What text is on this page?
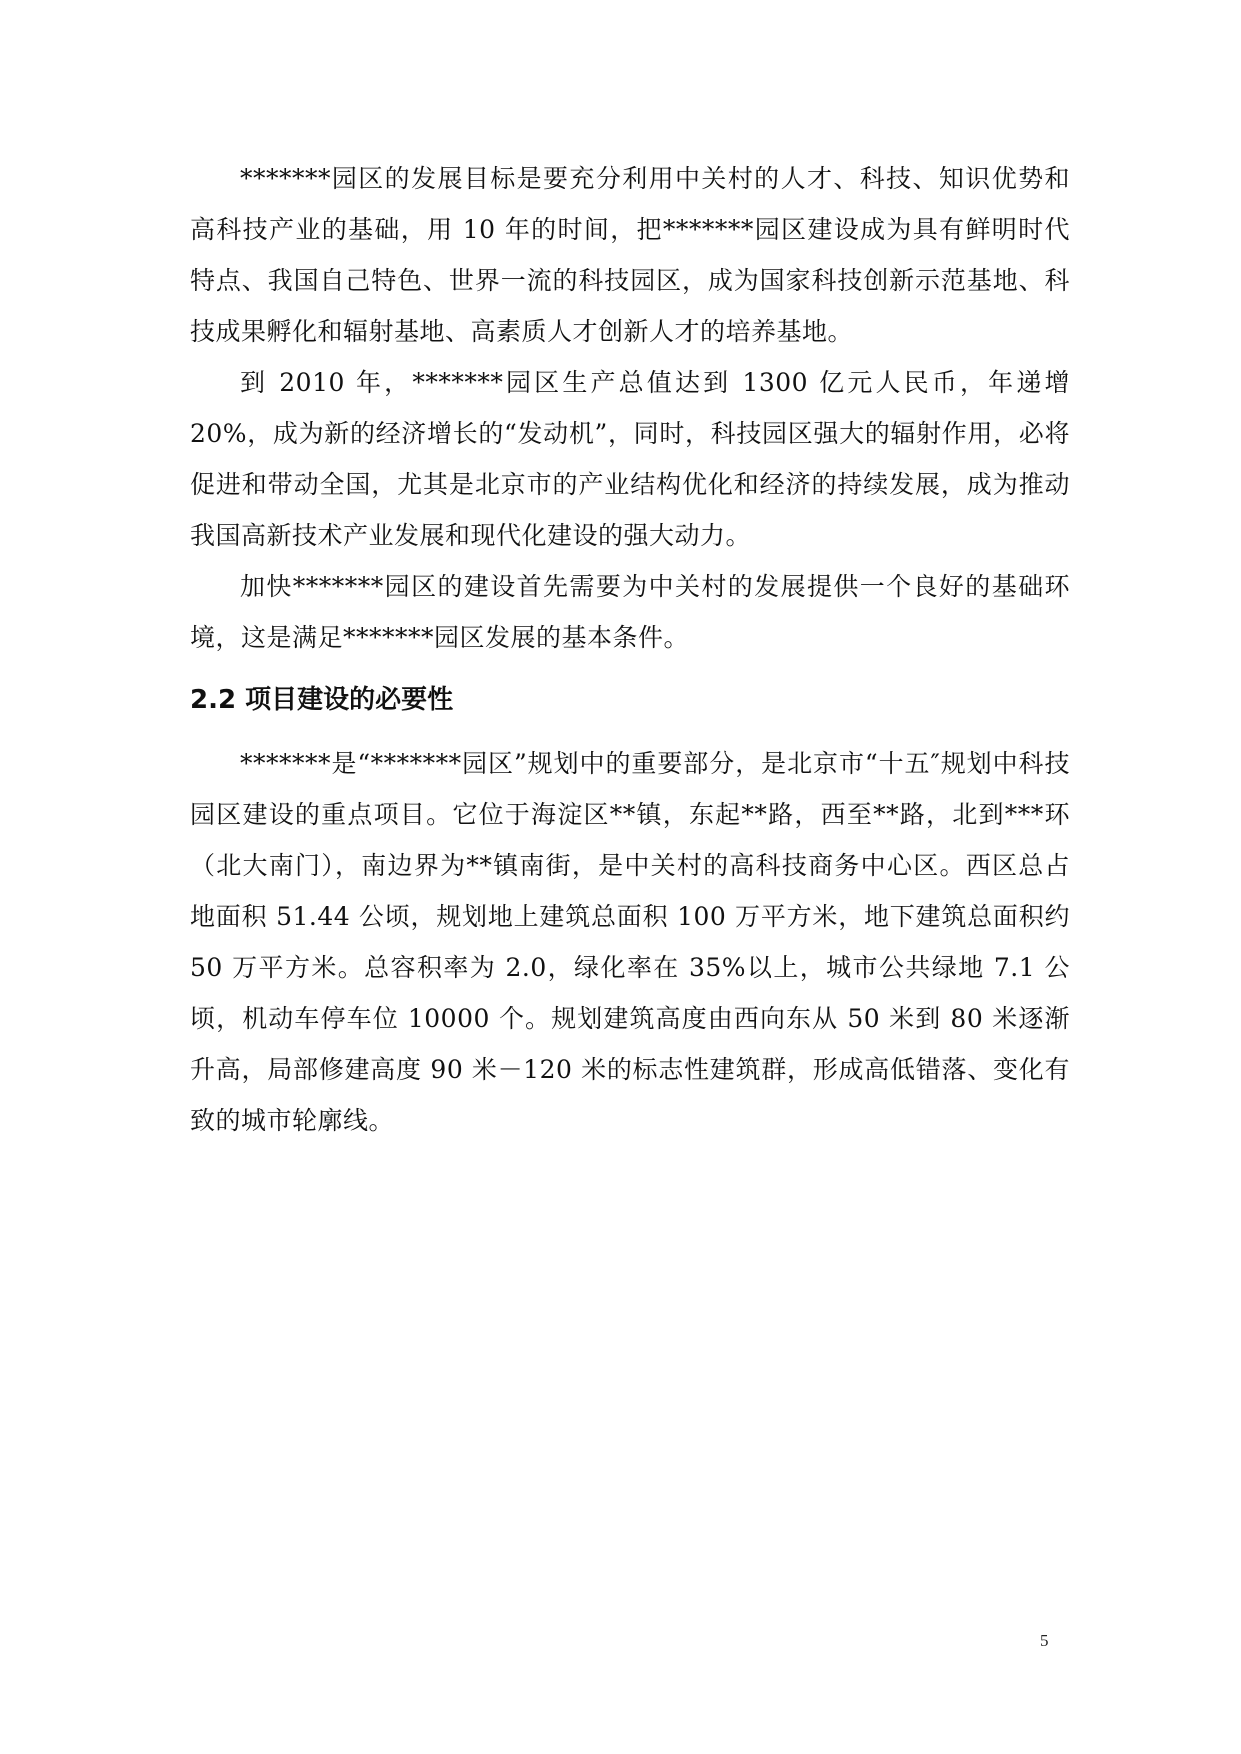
*******园区的发展目标是要充分利用中关村的人才、科技、知识优势和高科技产业的基础，用 10 年的时间，把*******园区建设成为具有鲜明时代特点、我国自己特色、世界一流的科技园区，成为国家科技创新示范基地、科技成果孵化和辐射基地、高素质人才创新人才的培养基地。

到 2010 年，*******园区生产总值达到 1300 亿元人民币，年递增 20%，成为新的经济增长的“发动机”，同时，科技园区强大的辐射作用，必将促进和带动全国，尤其是北京市的产业结构优化和经济的持续发展，成为推动我国高新技术产业发展和现代化建设的强大动力。

加快*******园区的建设首先需要为中关村的发展提供一个良好的基础环境，这是满足*******园区发展的基本条件。

2.2 项目建设的必要性

*******是“*******园区”规划中的重要部分，是北京市“十五″规划中科技园区建设的重点项目。它位于海淀区**镇，东起**路，西至**路，北到***环（北大南门），南边界为**镇南街，是中关村的高科技商务中心区。西区总占地面积 51.44 公顷，规划地上建筑总面积 100 万平方米，地下建筑总面积约 50 万平方米。总容积率为 2.0，绿化率在 35%以上，城市公共绿地 7.1 公顷，机动车停车位 10000 个。规划建筑高度由西向东从 50 米到 80 米逐渐升高，局部修建高度 90 米－120 米的标志性建筑群，形成高低错落、变化有致的城市轮廓线。

5
